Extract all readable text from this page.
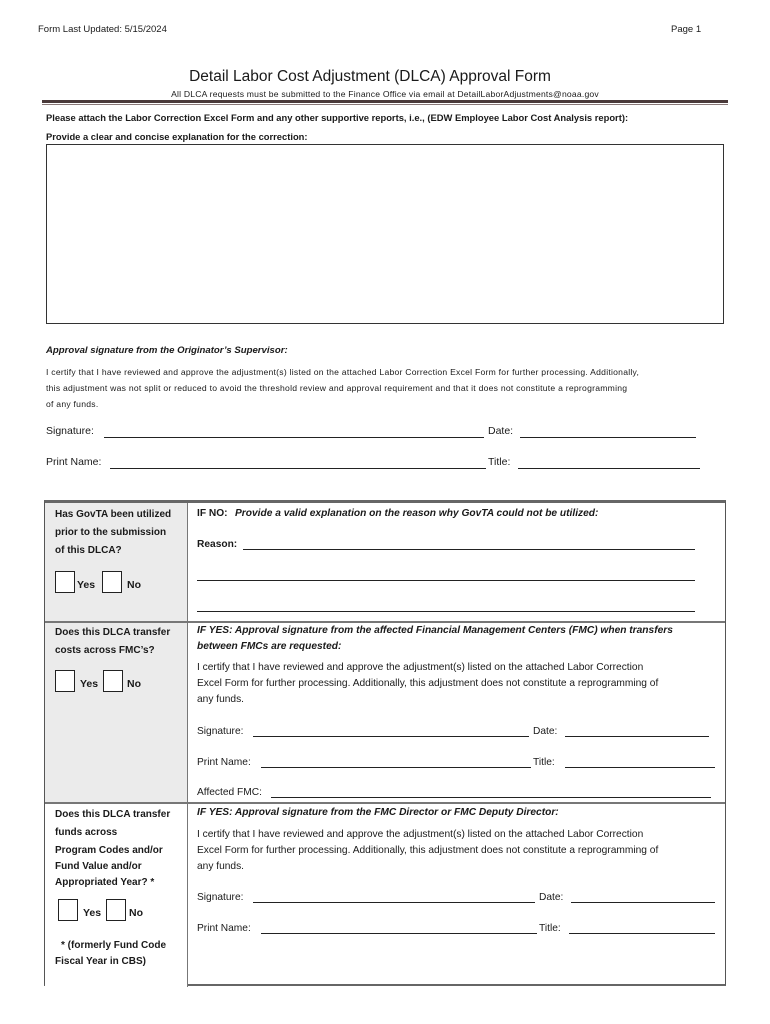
Form Last Updated: 5/15/2024	Page 1
Detail Labor Cost Adjustment (DLCA) Approval Form
All DLCA requests must be submitted to the Finance Office via email at DetailLaborAdjustments@noaa.gov
Please attach the Labor Correction Excel Form and any other supportive reports, i.e., (EDW Employee Labor Cost Analysis report):
Provide a clear and concise explanation for the correction:
Approval signature from the Originator’s Supervisor:
I certify that I have reviewed and approve the adjustment(s) listed on the attached Labor Correction Excel Form for further processing. Additionally,
this adjustment was not split or reduced to avoid the threshold review and approval requirement and that it does not constitute a reprogramming
of any funds.
Signature:	Date:
Print Name:	Title:
Has GovTA been utilized
prior to the submission
of this DLCA?
Yes	No
IF NO: Provide a valid explanation on the reason why GovTA could not be utilized:
Reason:
Does this DLCA transfer
costs across FMC’s?
Yes	No
IF YES: Approval signature from the affected Financial Management Centers (FMC) when transfers
between FMCs are requested:
I certify that I have reviewed and approve the adjustment(s) listed on the attached Labor Correction
Excel Form for further processing. Additionally, this adjustment does not constitute a reprogramming of
any funds.
Signature:	Date:
Print Name:	Title:
Affected FMC:
Does this DLCA transfer
funds across
Program Codes and/or
Fund Value and/or
Appropriated Year? *
Yes	No
* (formerly Fund Code
Fiscal Year in CBS)
IF YES: Approval signature from the FMC Director or FMC Deputy Director:
I certify that I have reviewed and approve the adjustment(s) listed on the attached Labor Correction
Excel Form for further processing. Additionally, this adjustment does not constitute a reprogramming of
any funds.
Signature:	Date:
Print Name:	Title:
